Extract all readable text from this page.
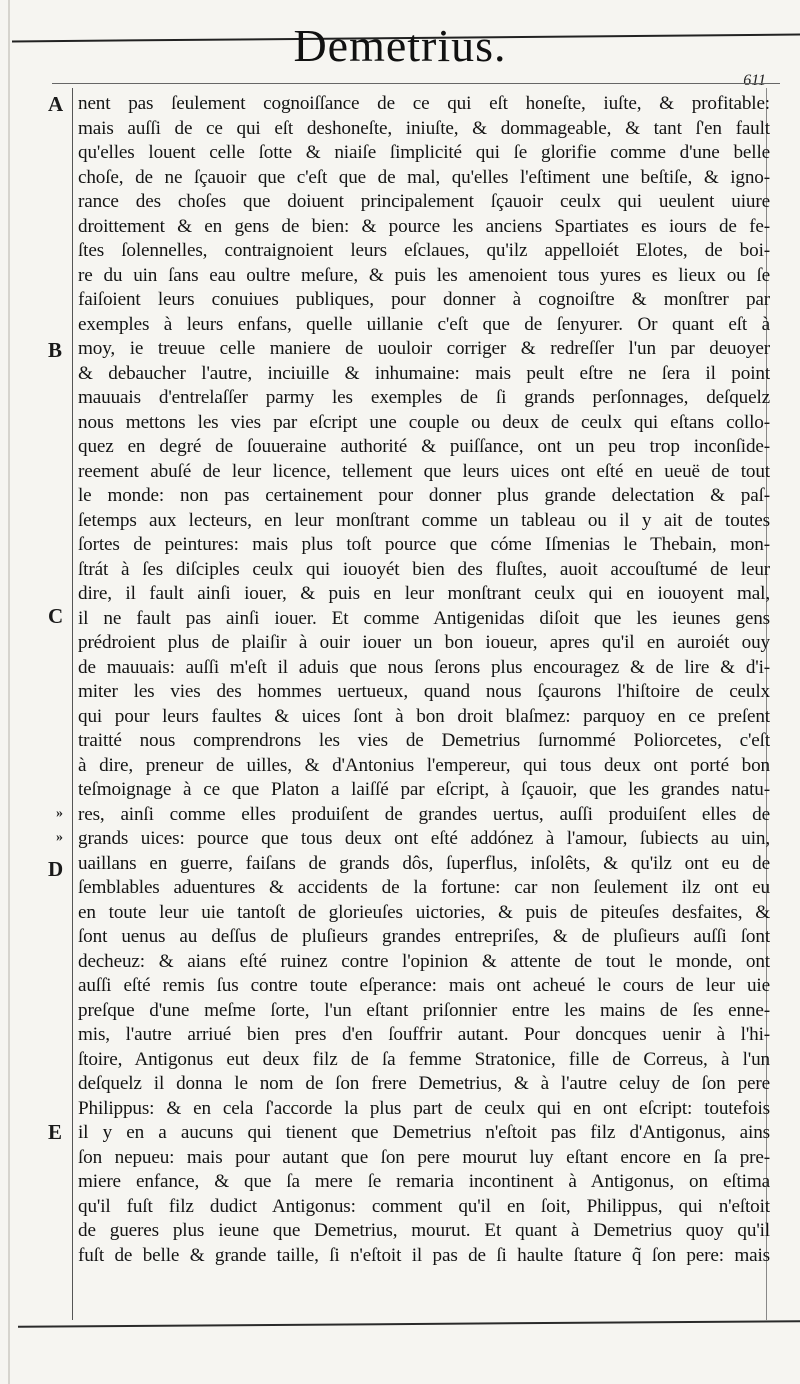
Demetrius.
611
A
B
C
D
E
»
»
nent pas ſeulement cognoiſſance de ce qui eſt honeſte, iuſte, & profitable:
mais auſſi de ce qui eſt deshoneſte, iniuſte, & dommageable, & tant ſ'en fault
qu'elles louent celle ſotte & niaiſe ſimplicité qui ſe glorifie comme d'une belle
choſe, de ne ſçauoir que c'eſt que de mal, qu'elles l'eſtiment une beſtiſe, & igno-
rance des choſes que doiuent principalement ſçauoir ceulx qui ueulent uiure
droittement & en gens de bien: & pource les anciens Spartiates es iours de fe-
ſtes ſolennelles, contraignoient leurs eſclaues, qu'ilz appelloiét Elotes, de boi-
re du uin ſans eau oultre meſure, & puis les amenoient tous yures es lieux ou ſe
faiſoient leurs conuiues publiques, pour donner à cognoiſtre & monſtrer par
exemples à leurs enfans, quelle uillanie c'eſt que de ſenyurer. Or quant eſt à
moy, ie treuue celle maniere de uouloir corriger & redreſſer l'un par deuoyer
& debaucher l'autre, inciuille & inhumaine: mais peult eſtre ne ſera il point
mauuais d'entrelaſſer parmy les exemples de ſi grands perſonnages, deſquelz
nous mettons les vies par eſcript une couple ou deux de ceulx qui eſtans collo-
quez en degré de ſouueraine authorité & puiſſance, ont un peu trop inconſide-
reement abuſé de leur licence, tellement que leurs uices ont eſté en ueuë de tout
le monde: non pas certainement pour donner plus grande delectation & paſ-
ſetemps aux lecteurs, en leur monſtrant comme un tableau ou il y ait de toutes
ſortes de peintures: mais plus toſt pource que cóme Iſmenias le Thebain, mon-
ſtrát à ſes diſciples ceulx qui iouoyét bien des fluſtes, auoit accouſtumé de leur
dire, il fault ainſi iouer, & puis en leur monſtrant ceulx qui en iouoyent mal,
il ne fault pas ainſi iouer. Et comme Antigenidas diſoit que les ieunes gens
prédroient plus de plaiſir à ouir iouer un bon ioueur, apres qu'il en auroiét ouy
de mauuais: auſſi m'eſt il aduis que nous ſerons plus encouragez & de lire & d'i-
miter les vies des hommes uertueux, quand nous ſçaurons l'hiſtoire de ceulx
qui pour leurs faultes & uices ſont à bon droit blaſmez: parquoy en ce preſent
traitté nous comprendrons les vies de Demetrius ſurnommé Poliorcetes, c'eſt
à dire, preneur de uilles, & d'Antonius l'empereur, qui tous deux ont porté bon
teſmoignage à ce que Platon a laiſſé par eſcript, à ſçauoir, que les grandes natu-
res, ainſi comme elles produiſent de grandes uertus, auſſi produiſent elles de
grands uices: pource que tous deux ont eſté addónez à l'amour, ſubiects au uin,
uaillans en guerre, faiſans de grands dôs, ſuperflus, inſolêts, & qu'ilz ont eu de
ſemblables aduentures & accidents de la fortune: car non ſeulement ilz ont eu
en toute leur uie tantoſt de glorieuſes uictories, & puis de piteuſes desfaites, &
ſont uenus au deſſus de pluſieurs grandes entrepriſes, & de pluſieurs auſſi ſont
decheuz: & aians eſté ruinez contre l'opinion & attente de tout le monde, ont
auſſi eſté remis ſus contre toute eſperance: mais ont acheué le cours de leur uie
preſque d'une meſme ſorte, l'un eſtant priſonnier entre les mains de ſes enne-
mis, l'autre arriué bien pres d'en ſouffrir autant. Pour doncques uenir à l'hi-
ſtoire, Antigonus eut deux filz de ſa femme Stratonice, fille de Correus, à l'un
deſquelz il donna le nom de ſon frere Demetrius, & à l'autre celuy de ſon pere
Philippus: & en cela ſ'accorde la plus part de ceulx qui en ont eſcript: toutefois
il y en a aucuns qui tienent que Demetrius n'eſtoit pas filz d'Antigonus, ains
ſon nepueu: mais pour autant que ſon pere mourut luy eſtant encore en ſa pre-
miere enfance, & que ſa mere ſe remaria incontinent à Antigonus, on eſtima
qu'il fuſt filz dudict Antigonus: comment qu'il en ſoit, Philippus, qui n'eſtoit
de gueres plus ieune que Demetrius, mourut. Et quant à Demetrius quoy qu'il
fuſt de belle & grande taille, ſi n'eſtoit il pas de ſi haulte ſtature q̃ ſon pere: mais
